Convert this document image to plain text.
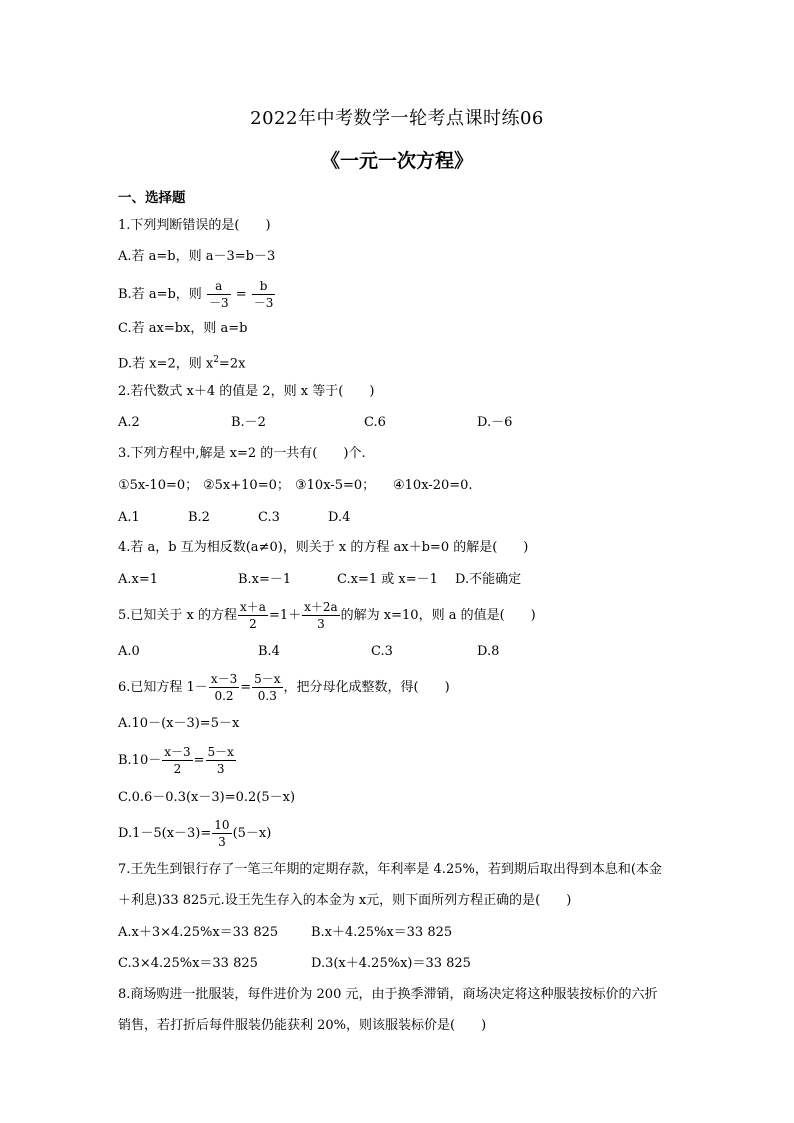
2022年中考数学一轮考点课时练06
《一元一次方程》
一、选择题
1.下列判断错误的是(　　)
A.若 a=b，则 a－3=b－3
B.若 a=b，则 $\frac{a}{-3} = \frac{b}{-3}$
C.若 ax=bx，则 a=b
D.若 x=2，则 $x^2=2x$
2.若代数式 x＋4 的值是 2，则 x 等于(　　)
A.2	B.－2	C.6	D.－6
3.下列方程中,解是 x=2 的一共有(　　)个.
①5x-10=0； ②5x+10=0； ③10x-5=0； ④10x-20=0.
A.1	B.2	C.3	D.4
4.若 a，b 互为相反数(a≠0)，则关于 x 的方程 ax＋b=0 的解是(　　)
A.x=1	B.x=－1	C.x=1 或 x=－1 D.不能确定
5.已知关于 x 的方程 $\frac{x+a}{2} =1+ \frac{x+2a}{3}$ 的解为 x=10，则 a 的值是(　　)
A.0	B.4	C.3	D.8
6.已知方程 $1- \frac{x-3}{0.2} = \frac{5-x}{0.3}$ ，把分母化成整数，得(　　)
A.10－(x－3)=5－x
$B.10- \frac{x-3}{2} = \frac{5-x}{3}$
C.0.6－0.3(x－3)=0.2(5－x)
$D.1-5(x-3)= \frac{10}{3} (5-x)$
7.王先生到银行存了一笔三年期的定期存款，年利率是 4.25%，若到期后取出得到本息和(本金
＋利息)33 825元.设王先生存入的本金为 x元，则下面所列方程正确的是(　　)
A.x＋3×4.25%x＝33 825	B.x＋4.25%x＝33 825
C.3×4.25%x＝33 825	D.3(x＋4.25%x)＝33 825
8.商场购进一批服装，每件进价为 200 元，由于换季滞销，商场决定将这种服装按标价的六折
销售，若打折后每件服装仍能获利 20%，则该服装标价是(　　)
